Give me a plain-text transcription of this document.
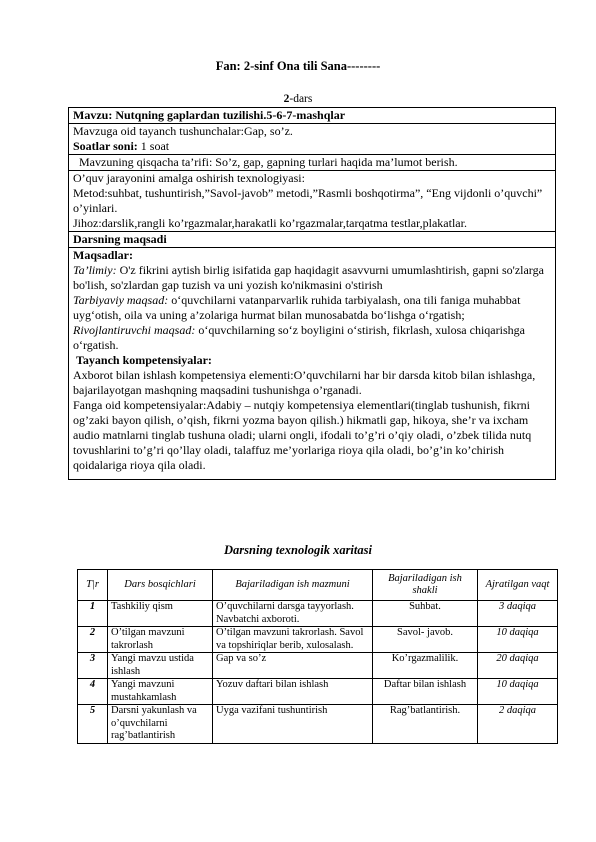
Fan: 2-sinf Ona tili Sana--------
2-dars
Mavzu: Nutqning gaplardan tuzilishi.5-6-7-mashqlar

Mavzuga oid tayanch tushunchalar:Gap, so’z.
Soatlar soni: 1 soat

Mavzuning qisqacha ta’rifi: So’z, gap, gapning turlari haqida ma’lumot berish.

O’quv jarayonini amalga oshirish texnologiyasi:
Metod:suhbat, tushuntirish,”Savol-javob” metodi,”Rasmli boshqotirma”, “Eng vijdonli o’quvchi” o’yinlari.
Jihoz:darslik,rangli ko’rgazmalar,harakatli ko’rgazmalar,tarqatma testlar,plakatlar.

Darsning maqsadi

Maqsadlar:
Ta’limiy: O'z fikrini aytish birlig isifatida gap haqidagit asavvurni umumlashtirish, gapni so'zlarga bo'lish, so'zlardan gap tuzish va uni yozish ko'nikmasini o'stirish
Tarbiyaviy maqsad: o‘quvchilarni vatanparvarlik ruhida tarbiyalash, ona tili faniga muhabbat uyg‘otish, oila va uning a’zolariga hurmat bilan munosabatda bo‘lishga o‘rgatish;
Rivojlantiruvchi maqsad: o‘quvchilarning so‘z boyligini o‘stirish, fikrlash, xulosa chiqarishga o‘rgatish.
Tayanch kompetensiyalar:
Axborot bilan ishlash kompetensiya elementi:O’quvchilarni har bir darsda kitob bilan ishlashga, bajarilayotgan mashqning maqsadini tushunishga o’rganadi.
Fanga oid kompetensiyalar:Adabiy – nutqiy kompetensiya elementlari(tinglab tushunish, fikrni og’zaki bayon qilish, o’qish, fikrni yozma bayon qilish.) hikmatli gap, hikoya, she’r va ixcham audio matnlarni tinglab tushuna oladi; ularni ongli, ifodali to’g’ri o’qiy oladi, o’zbek tilida nutq tovushlarini to’g’ri qo’llay oladi, talaffuz me’yorlariga rioya qila oladi, bo’g’in ko’chirish qoidalariga rioya qila oladi.
Darsning texnologik xaritasi
T|r	Dars bosqichlari	Bajariladigan ish mazmuni	Bajariladigan ish shakli	Ajratilgan vaqt
1	Tashkiliy qism	O’quvchilarni darsga tayyorlash. Navbatchi axboroti.	Suhbat.	3 daqiqa
2	O’tilgan mavzuni takrorlash	O’tilgan mavzuni takrorlash. Savol va topshiriqlar berib, xulosalash.	Savol- javob.	10 daqiqa
3	Yangi mavzu ustida ishlash	Gap va so’z	Ko’rgazmalilik.	20 daqiqa
4	Yangi mavzuni mustahkamlash	Yozuv daftari bilan ishlash	Daftar bilan ishlash	10 daqiqa
5	Darsni yakunlash va o’quvchilarni rag’batlantirish	Uyga vazifani tushuntirish	Rag’batlantirish.	2 daqiqa
